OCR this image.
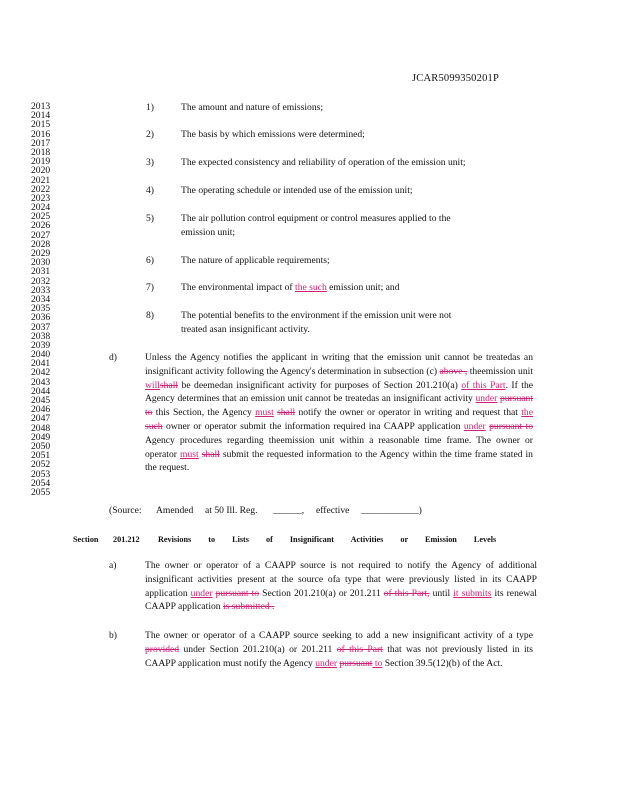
JCAR5099350201P
2013
2014
2015
2016
2017
2018
2019
2020
2021
2022
2023
2024
2025
2026
2027
2028
2029
2030
2031
2032
2033
2034
2035
2036
2037
2038
2039
2040
2041
2042
2043
2044
2045
2046
2047
2048
2049
2050
2051
2052
2053
2054
2055
1)	The amount and nature of emissions;
2)	The basis by which emissions were determined;
3)	The expected consistency and reliability of operation of the emission unit;
4)	The operating schedule or intended use of the emission unit;
5)	The air pollution control equipment or control measures applied to the
emission unit;
6)	The nature of applicable requirements;
7)	The environmental impact of the such emission unit; and
8)	The potential benefits to the environment if the emission unit were not
treated asan insignificant activity.
d)	Unless the Agency notifies the applicant in writing that the emission unit cannot be treatedas an insignificant activity following the Agency's determination in subsection (c) above , theemission unit willshall be deemedan insignificant activity for purposes of Section 201.210(a) of this Part. If the Agency determines that an emission unit cannot be treatedas an insignificant activity under pursuant to this Section, the Agency must shall notify the owner or operator in writing and request that the such owner or operator submit the information required ina CAAPP application under pursuant to Agency procedures regarding theemission unit within a reasonable time frame. The owner or operator must shall submit the requested information to the Agency within the time frame stated in the request.
(Source: Amended at 50 Ill. Reg. ______, effective ____________)
Section 201.212 Revisions to Lists of Insignificant Activities or Emission Levels
a)	The owner or operator of a CAAPP source is not required to notify the Agency of additional insignificant activities present at the source ofa type that were previously listed in its CAAPP application under pursuant to Section 201.210(a) or 201.211 of this Part, until it submits its renewal CAAPP application is submitted .
b)	The owner or operator of a CAAPP source seeking to add a new insignificant activity of a type provided under Section 201.210(a) or 201.211 of this Part that was not previously listed in its CAAPP application must notify the Agency under pursuant to Section 39.5(12)(b) of the Act.
